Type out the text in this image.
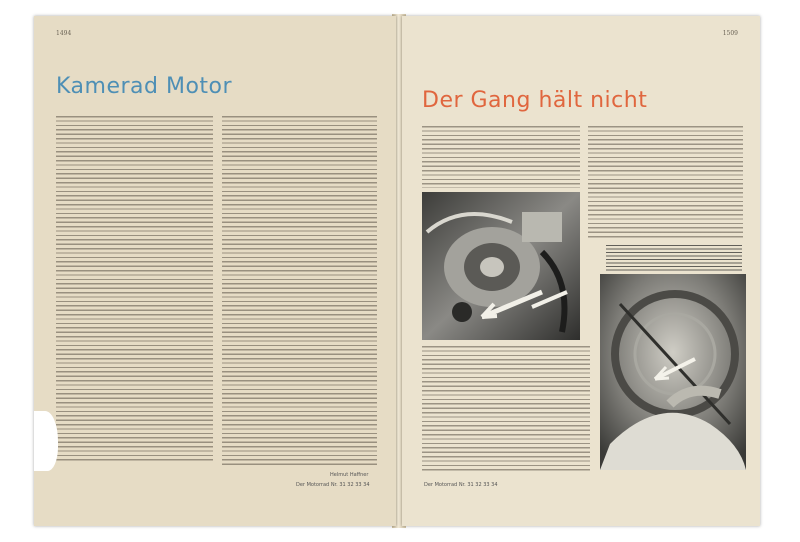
1494
Kamerad Motor
Helmut Haffner
Der Motorrad Nr. 31 32 33 34
1509
Der Gang hält nicht
Der Motorrad Nr. 31 32 33 34
